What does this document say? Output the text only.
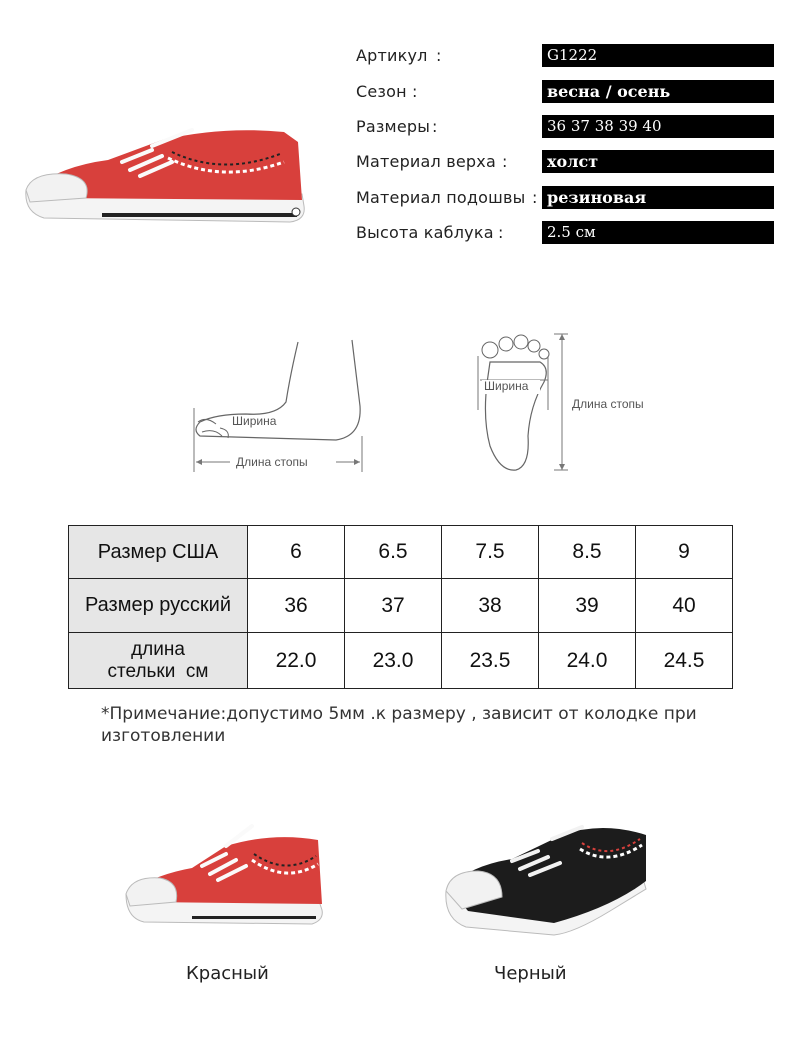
Артикул :	G1222
Сезон :	весна / осень
Размеры :	36 37 38 39 40
Материал верха :	холст
Материал подошвы : резиновая
Высота каблука :	2.5 см
Ширина
Длина стопы
Ширина
Длина стопы
Размер США	6	6.5	7.5	8.5	9
Размер русский	36	37	38	39	40
длина
стельки  см	22.0	23.0	23.5	24.0	24.5
*Примечание:допустимо 5мм .к размеру , зависит от колодке при изготовлении
Красный	Черный
